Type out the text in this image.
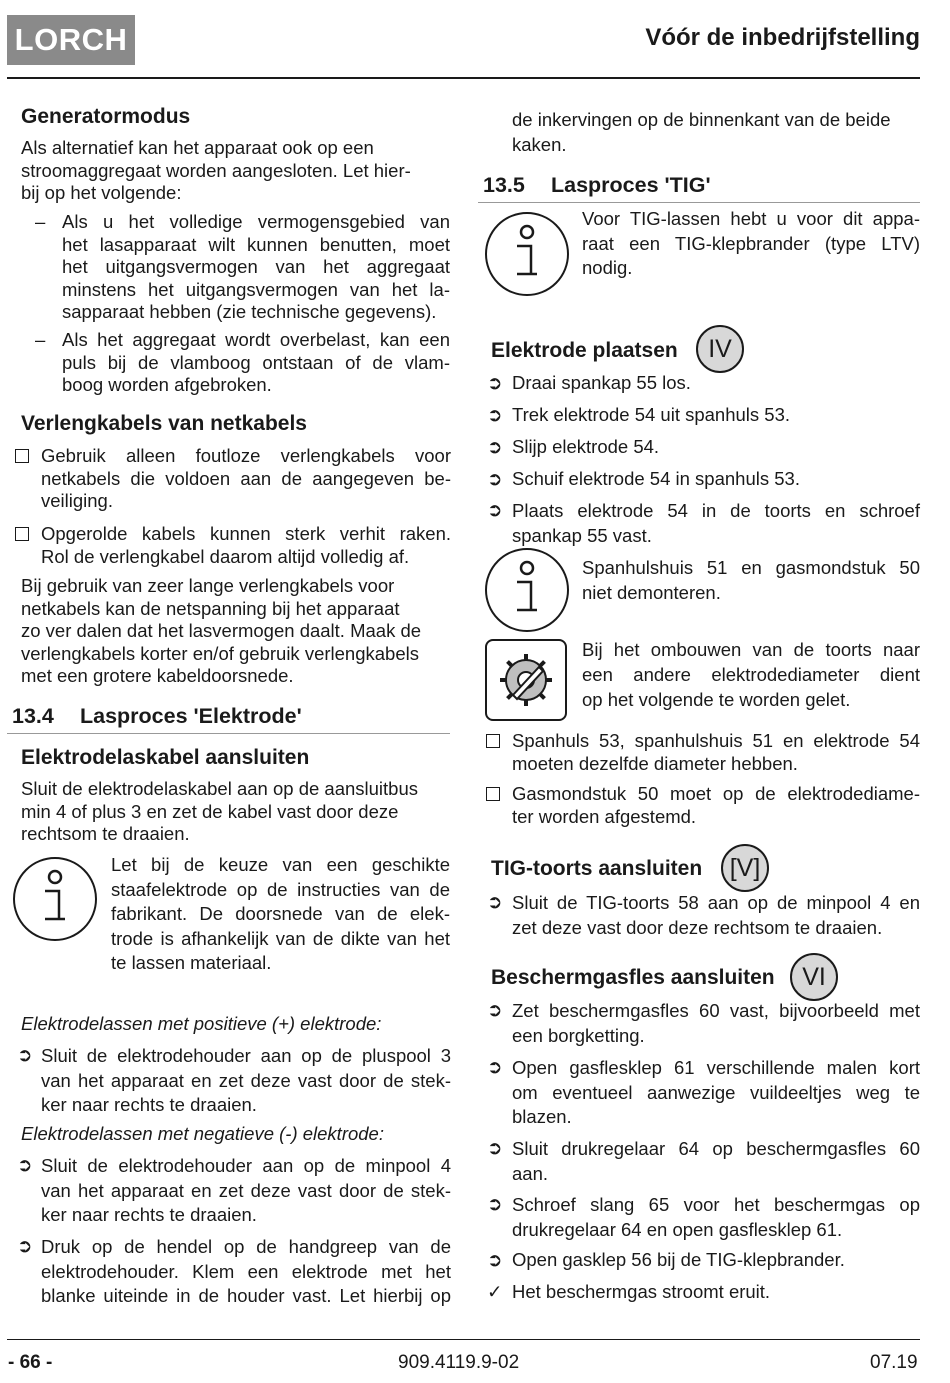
LORCH	Vóór de inbedrijfstelling
Generatormodus
Als alternatief kan het apparaat ook op een
stroomaggregaat worden aangesloten. Let hier-
bij op het volgende:
– Als u het volledige vermogensgebied van
het lasapparaat wilt kunnen benutten, moet
het uitgangsvermogen van het aggregaat
minstens het uitgangsvermogen van het la-
sapparaat hebben (zie technische gegevens).
– Als het aggregaat wordt overbelast, kan een
puls bij de vlamboog ontstaan of de vlam-
boog worden afgebroken.
Verlengkabels van netkabels
Gebruik alleen foutloze verlengkabels voor
netkabels die voldoen aan de aangegeven be-
veiliging.
Opgerolde kabels kunnen sterk verhit raken.
Rol de verlengkabel daarom altijd volledig af.
Bij gebruik van zeer lange verlengkabels voor
netkabels kan de netspanning bij het apparaat
zo ver dalen dat het lasvermogen daalt. Maak de
verlengkabels korter en/of gebruik verlengkabels
met een grotere kabeldoorsnede.
13.4 Lasproces 'Elektrode'
Elektrodelaskabel aansluiten
Sluit de elektrodelaskabel aan op de aansluitbus
min 4 of plus 3 en zet de kabel vast door deze
rechtsom te draaien.
Let bij de keuze van een geschikte
staafelektrode op de instructies van de
fabrikant. De doorsnede van de elek-
trode is afhankelijk van de dikte van het
te lassen materiaal.
Elektrodelassen met positieve (+) elektrode:
➲ Sluit de elektrodehouder aan op de pluspool 3
van het apparaat en zet deze vast door de stek-
ker naar rechts te draaien.
Elektrodelassen met negatieve (-) elektrode:
➲ Sluit de elektrodehouder aan op de minpool 4
van het apparaat en zet deze vast door de stek-
ker naar rechts te draaien.
➲ Druk op de hendel op de handgreep van de
elektrodehouder. Klem een elektrode met het
blanke uiteinde in de houder vast. Let hierbij op
de inkervingen op de binnenkant van de beide
kaken.
13.5 Lasproces 'TIG'
Voor TIG-lassen hebt u voor dit appa-
raat een TIG-klepbrander (type LTV)
nodig.
Elektrode plaatsen	IV
➲ Draai spankap 55 los.
➲ Trek elektrode 54 uit spanhuls 53.
➲ Slijp elektrode 54.
➲ Schuif elektrode 54 in spanhuls 53.
➲ Plaats elektrode 54 in de toorts en schroef
spankap 55 vast.
Spanhulshuis 51 en gasmondstuk 50
niet demonteren.
Bij het ombouwen van de toorts naar
een andere elektrodediameter dient
op het volgende te worden gelet.
Spanhuls 53, spanhulshuis 51 en elektrode 54
moeten dezelfde diameter hebben.
Gasmondstuk 50 moet op de elektrodediame-
ter worden afgestemd.
TIG-toorts aansluiten	[V]
➲ Sluit de TIG-toorts 58 aan op de minpool 4 en
zet deze vast door deze rechtsom te draaien.
Beschermgasfles aansluiten	VI
➲ Zet beschermgasfles 60 vast, bijvoorbeeld met
een borgketting.
➲ Open gasflesklep 61 verschillende malen kort
om eventueel aanwezige vuildeeltjes weg te
blazen.
➲ Sluit drukregelaar 64 op beschermgasfles 60
aan.
➲ Schroef slang 65 voor het beschermgas op
drukregelaar 64 en open gasflesklep 61.
➲ Open gasklep 56 bij de TIG-klepbrander.
✓ Het beschermgas stroomt eruit.
- 66 -	909.4119.9-02	07.19
